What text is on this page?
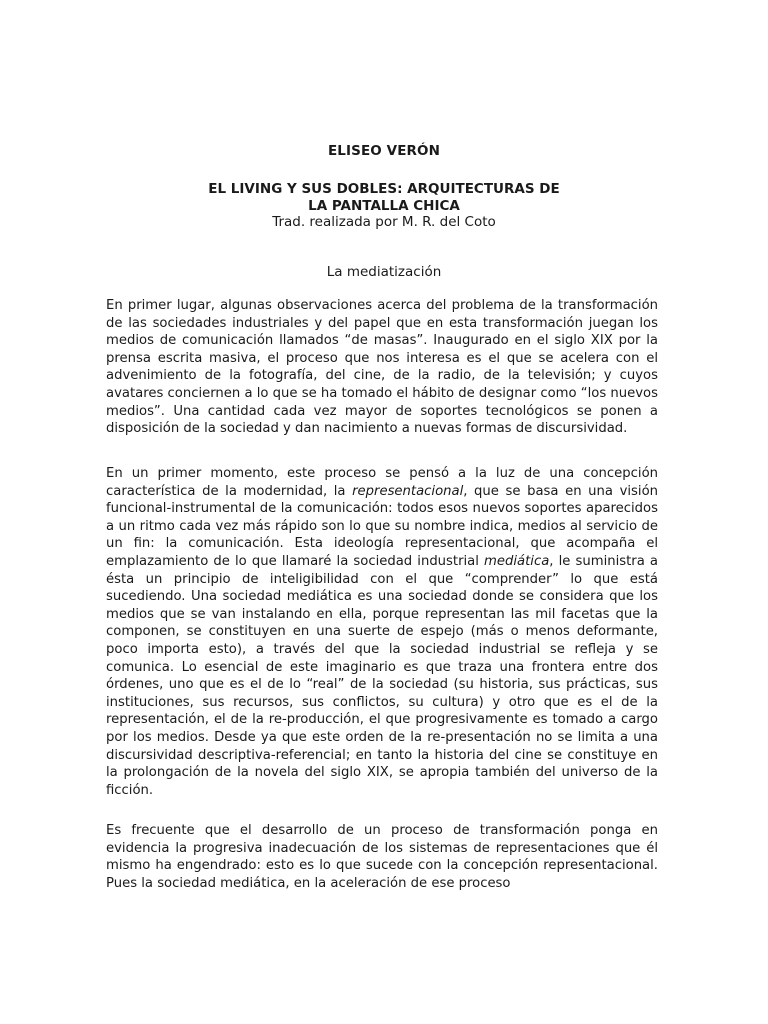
ELISEO VERÓN
EL LIVING Y SUS DOBLES: ARQUITECTURAS DE
LA PANTALLA CHICA
Trad. realizada por M. R. del Coto
La mediatización

En primer lugar, algunas observaciones acerca del problema de la transformación de las sociedades industriales y del papel que en esta transformación juegan los medios de comunicación llamados “de masas”. Inaugurado en el siglo XIX por la prensa escrita masiva, el proceso que nos interesa es el que se acelera con el advenimiento de la fotografía, del cine, de la radio, de la televisión; y cuyos avatares conciernen a lo que se ha tomado el hábito de designar como “los nuevos medios”. Una cantidad cada vez mayor de soportes tecnológicos se ponen a disposición de la sociedad y dan nacimiento a nuevas formas de discursividad.

En un primer momento, este proceso se pensó a la luz de una concepción característica de la modernidad, la representacional, que se basa en una visión funcional-instrumental de la comunicación: todos esos nuevos soportes aparecidos a un ritmo cada vez más rápido son lo que su nombre indica, medios al servicio de un fin: la comunicación. Esta ideología representacional, que acompaña el emplazamiento de lo que llamaré la sociedad industrial mediática, le suministra a ésta un principio de inteligibilidad con el que “comprender” lo que está sucediendo. Una sociedad mediática es una sociedad donde se considera que los medios que se van instalando en ella, porque representan las mil facetas que la componen, se constituyen en una suerte de espejo (más o menos deformante, poco importa esto), a través del que la sociedad industrial se refleja y se comunica. Lo esencial de este imaginario es que traza una frontera entre dos órdenes, uno que es el de lo “real” de la sociedad (su historia, sus prácticas, sus instituciones, sus recursos, sus conflictos, su cultura) y otro que es el de la representación, el de la re-producción, el que progresivamente es tomado a cargo por los medios. Desde ya que este orden de la re-presentación no se limita a una discursividad descriptiva-referencial; en tanto la historia del cine se constituye en la prolongación de la novela del siglo XIX, se apropia también del universo de la ficción.

Es frecuente que el desarrollo de un proceso de transformación ponga en evidencia la progresiva inadecuación de los sistemas de representaciones que él mismo ha engendrado: esto es lo que sucede con la concepción representacional. Pues la sociedad mediática, en la aceleración de ese proceso
